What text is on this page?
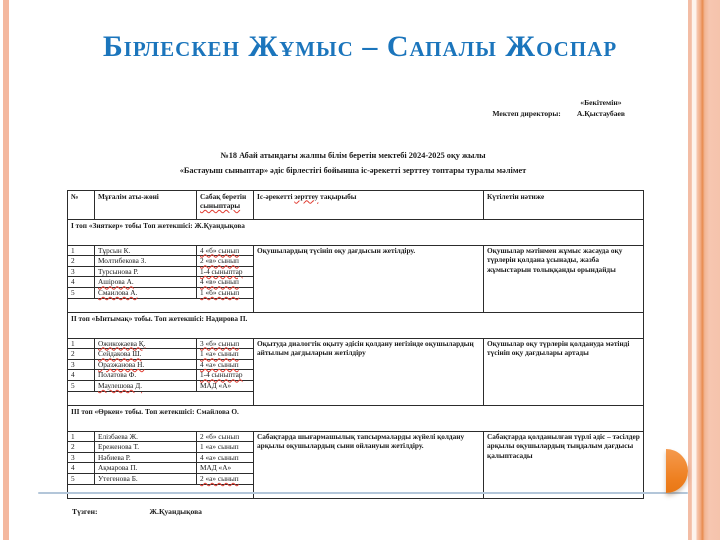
Бірлескен Жұмыс – Сапалы Жоспар
Мектеп директоры:
«Бекітемін»
А.Қыстаубаев
№18 Абай атындағы жалпы білім беретін мектебі 2024-2025 оқу жылы
«Бастауыш сыныптар» әдіс бірлестігі бойынша іс-әрекетті зерттеу топтары туралы мәлімет
№	Мұғалім аты-жөні	Сабақ беретін сыныптары	Іс-әрекетті зерттеу тақырыбы	Күтілетін нәтиже
І топ «Зияткер» тобы Топ жетекшісі: Ж.Қуандықова				
1	Тұрсын К.	4 «б» сынып	Оқушылардың түсініп оқу дағдысын жетілдіру.	Оқушылар мәтінмен жұмыс жасауда оқу түрлерін қолдана ұсынады, жазба жұмыстарын толыққанды орындайды
2	Молтибекова З.	2 «в» сынып		
3	Турсынова Р.	1-4 сыныптар		
4	Ашірова А.	4 «в» сынып		
5	Смаилова А.	1 «б» сынып		

ІІ топ «Ынтымақ» тобы. Топ жетекшісі: Надирова П.				
1	Ожикожаева Қ.	3 «б» сынып	Оқытуда диалогтік оқыту әдісін қолдану негізінде оқушылардың айтылым дағдыларын жетілдіру	Оқушылар оқу түрлерін қолдануда мәтінді түсініп оқу дағдылары артады
2	Сейдакова Ш.	1 «а» сынып		
3	Оразжанова Н.	4 «а» сынып		
4	Полатова Ф.	1-4 сыныптар		
5	Маулешова Д.	МАД «А»		

ІІІ топ «Өркен» тобы. Топ жетекшісі: Смайлова О.				
1	Елізбаева Ж.	2 «б» сынып	Сабақтарда шығармашылық тапсырмаларды жүйелі қолдану арқылы оқушылардың сыни ойлануын жетілдіру.	Сабақтарда қолданылған түрлі әдіс – тәсілдер арқылы оқушылардың тыңдалым дағдысы қалыптасады
2	Ереженова Т.	1 «а» сынып		
3	Нәбиева Р.	4 «а» сынып		
4	Ақмарова П.	МАД «А»		
5	Утегенова Б.	2 «а» сынып		

Түзген:	Ж.Қуандықова
